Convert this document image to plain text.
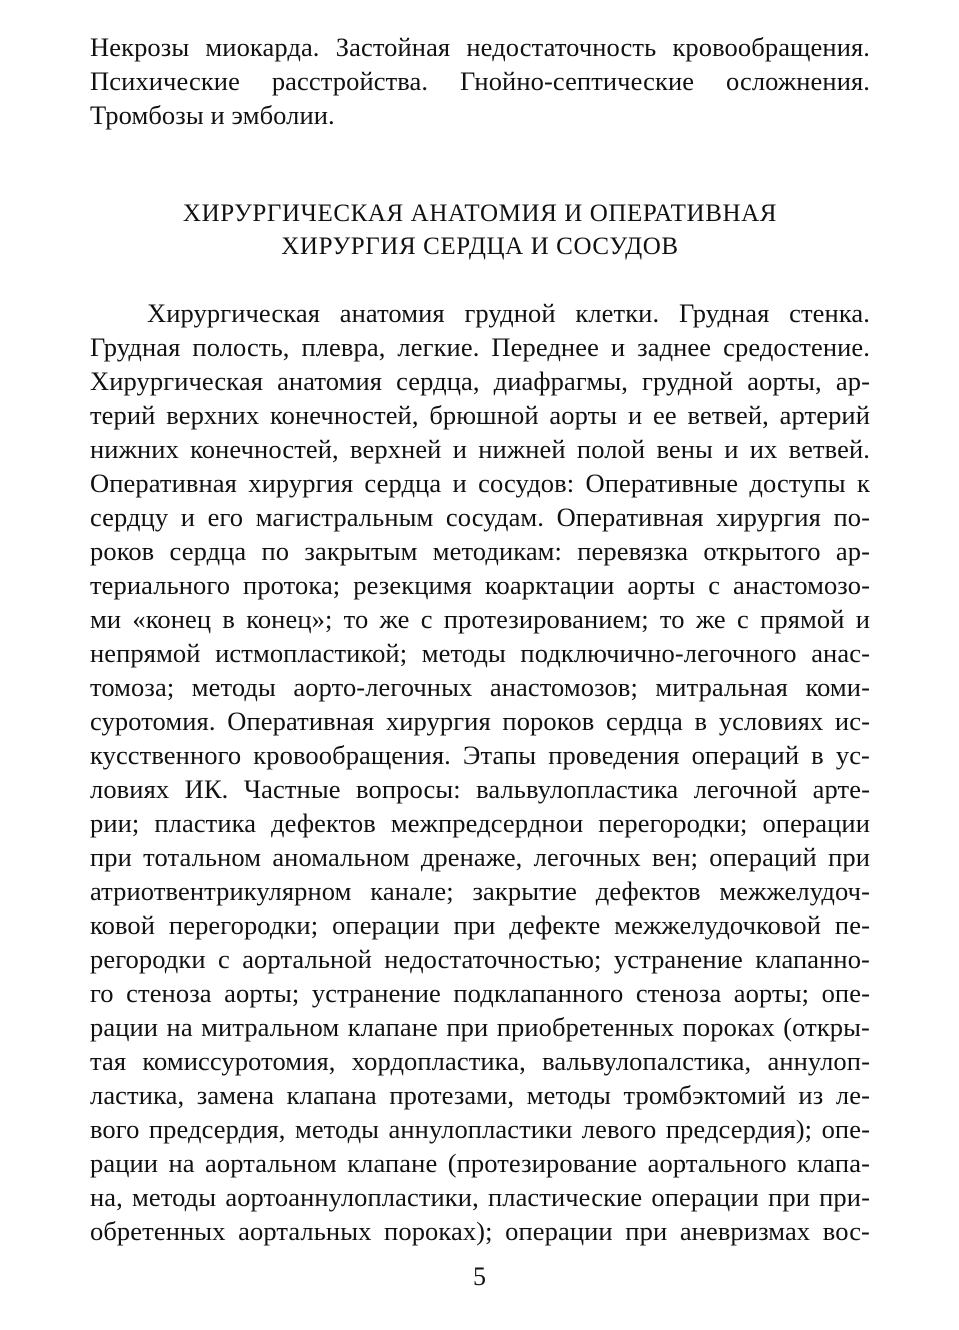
Некрозы миокарда. Застойная недостаточность кровообращения.
Психические расстройства. Гнойно-септические осложнения.
Тромбозы и эмболии.
ХИРУРГИЧЕСКАЯ АНАТОМИЯ И ОПЕРАТИВНАЯ
ХИРУРГИЯ СЕРДЦА И СОСУДОВ
Хирургическая анатомия грудной клетки. Грудная стенка.
Грудная полость, плевра, легкие. Переднее и заднее средостение.
Хирургическая анатомия сердца, диафрагмы, грудной аорты, ар-
терий верхних конечностей, брюшной аорты и ее ветвей, артерий
нижних конечностей, верхней и нижней полой вены и их ветвей.
Оперативная хирургия сердца и сосудов: Оперативные доступы к
сердцу и его магистральным сосудам. Оперативная хирургия по-
роков сердца по закрытым методикам: перевязка открытого ар-
териального протока; резекцимя коарктации аорты с анастомозо-
ми «конец в конец»; то же с протезированием; то же с прямой и
непрямой истмопластикой; методы подключично-легочного анас-
томоза; методы аорто-легочных анастомозов; митральная коми-
суротомия. Оперативная хирургия пороков сердца в условиях ис-
кусственного кровообращения. Этапы проведения операций в ус-
ловиях ИК. Частные вопросы: вальвулопластика легочной арте-
рии; пластика дефектов межпредсерднои перегородки; операции
при тотальном аномальном дренаже, легочных вен; операций при
атриотвентрикулярном канале; закрытие дефектов межжелудоч-
ковой перегородки; операции при дефекте межжелудочковой пе-
регородки с аортальной недостаточностью; устранение клапанно-
го стеноза аорты; устранение подклапанного стеноза аорты; опе-
рации на митральном клапане при приобретенных пороках (откры-
тая комиссуротомия, хордопластика, вальвулопалстика, аннулоп-
ластика, замена клапана протезами, методы тромбэктомий из ле-
вого предсердия, методы аннулопластики левого предсердия); опе-
рации на аортальном клапане (протезирование аортального клапа-
на, методы аортоаннулопластики, пластические операции при при-
обретенных аортальных пороках); операции при аневризмах вос-
5
